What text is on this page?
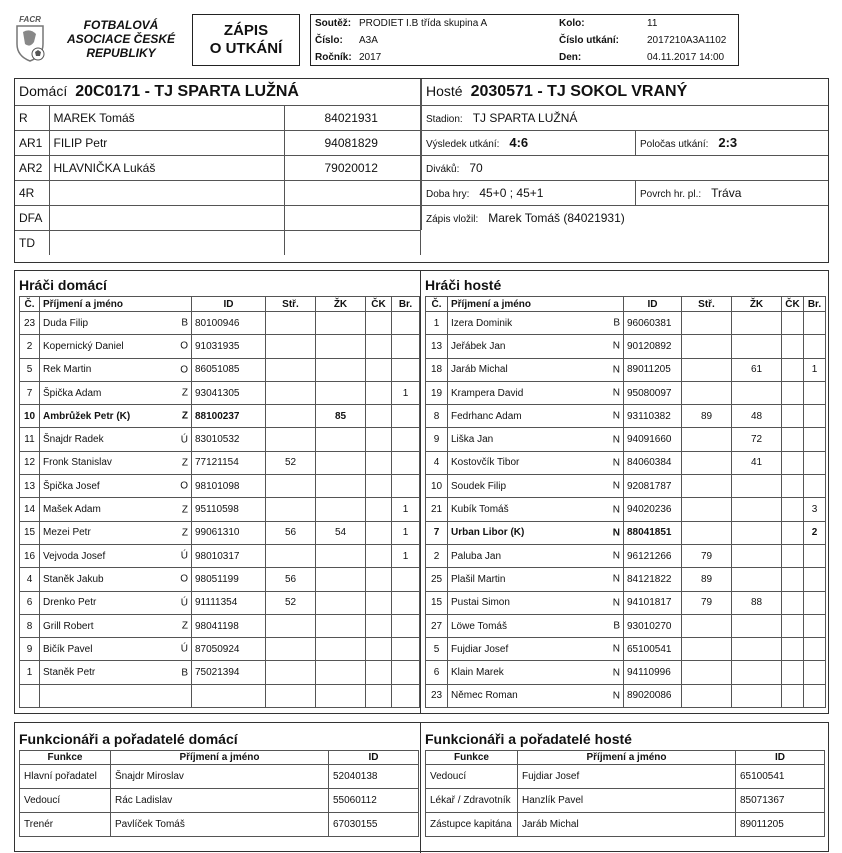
FACR	FOTBALOVÁ
ASOCIACE ČESKÉ
REPUBLIKY
ZÁPIS
O UTKÁNÍ
Soutěž:	PRODIET I.B třída skupina A	Kolo:	11
Číslo:	A3A	Číslo utkání:	2017210A3A1102
Ročník:	2017	Den:	04.11.2017 14:00
Domácí 20C0171 - TJ SPARTA LUŽNÁ		
R	MAREK Tomáš	84021931
AR1	FILIP Petr	94081829
AR2	HLAVNIČKA Lukáš	79020012
4R		
DFA		
TD		
Hosté 2030571 - TJ SOKOL VRANÝ	
Stadion: TJ SPARTA LUŽNÁ	
Výsledek utkání: 4:6	Poločas utkání: 2:3
Diváků: 70	
Doba hry: 45+0 ; 45+1	Povrch hr. pl.: Tráva
Zápis vložil: Marek Tomáš (84021931)	
Hráči domácí	Hráči hosté
Č.	Příjmení a jméno	ID	Stř.	ŽK	ČK	Br.
23	Duda Filip B	80100946				
2	Kopernický Daniel O	91031935				
5	Rek Martin O	86051085				
7	Špička Adam Z	93041305				1
10	Ambrůžek Petr (K) Z	88100237		85		
11	Šnajdr Radek Ú	83010532				
12	Fronk Stanislav Z	77121154	52			
13	Špička Josef O	98101098				
14	Mašek Adam Z	95110598				1
15	Mezei Petr Z	99061310	56	54		1
16	Vejvoda Josef Ú	98010317				1
4	Staněk Jakub O	98051199	56			
6	Drenko Petr Ú	91111354	52			
8	Grill Robert Z	98041198				
9	Bičík Pavel Ú	87050924				
1	Staněk Petr B	75021394				

Č.	Příjmení a jméno	ID	Stř.	ŽK	ČK	Br.
1	Izera Dominik B	96060381				
13	Jeřábek Jan N	90120892				
18	Jaráb Michal N	89011205		61		1
19	Krampera David N	95080097				
8	Fedrhanc Adam N	93110382	89	48		
9	Liška Jan N	94091660		72		
4	Kostovčík Tibor N	84060384		41		
10	Soudek Filip N	92081787				
21	Kubík Tomáš N	94020236				3
7	Urban Libor (K) N	88041851				2
2	Paluba Jan N	96121266	79			
25	Plašil Martin N	84121822	89			
15	Pustai Simon N	94101817	79	88		
27	Löwe Tomáš B	93010270				
5	Fujdiar Josef N	65100541				
6	Klain Marek N	94110996				
23	Němec Roman N	89020086				
Funkcionáři a pořadatelé domácí	Funkcionáři a pořadatelé hosté
Funkce	Příjmení a jméno	ID
Hlavní pořadatel	Šnajdr Miroslav	52040138
Vedoucí	Rác Ladislav	55060112
Trenér	Pavlíček Tomáš	67030155
Funkce	Příjmení a jméno	ID
Vedoucí	Fujdiar Josef	65100541
Lékař / Zdravotník	Hanzlík Pavel	85071367
Zástupce kapitána	Jaráb Michal	89011205
